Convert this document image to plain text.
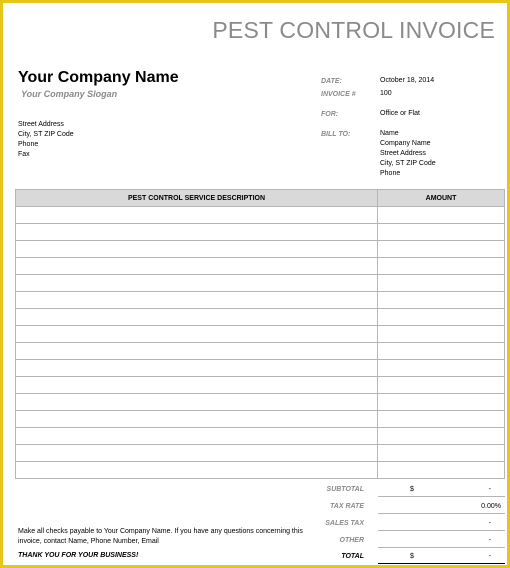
PEST CONTROL INVOICE
Your Company Name
Your Company Slogan
Street Address
City, ST ZIP Code
Phone
Fax
DATE:	October 18, 2014
INVOICE #	100
FOR:	Office or Flat
BILL TO:	Name
Company Name
Street Address
City, ST ZIP Code
Phone
PEST CONTROL SERVICE DESCRIPTION	AMOUNT

SUBTOTAL	$	-
TAX RATE	0.00%
SALES TAX	-
OTHER	-
TOTAL	$	-
Make all checks payable to Your Company Name. If you have any questions concerning this invoice, contact Name, Phone Number, Email
THANK YOU FOR YOUR BUSINESS!
